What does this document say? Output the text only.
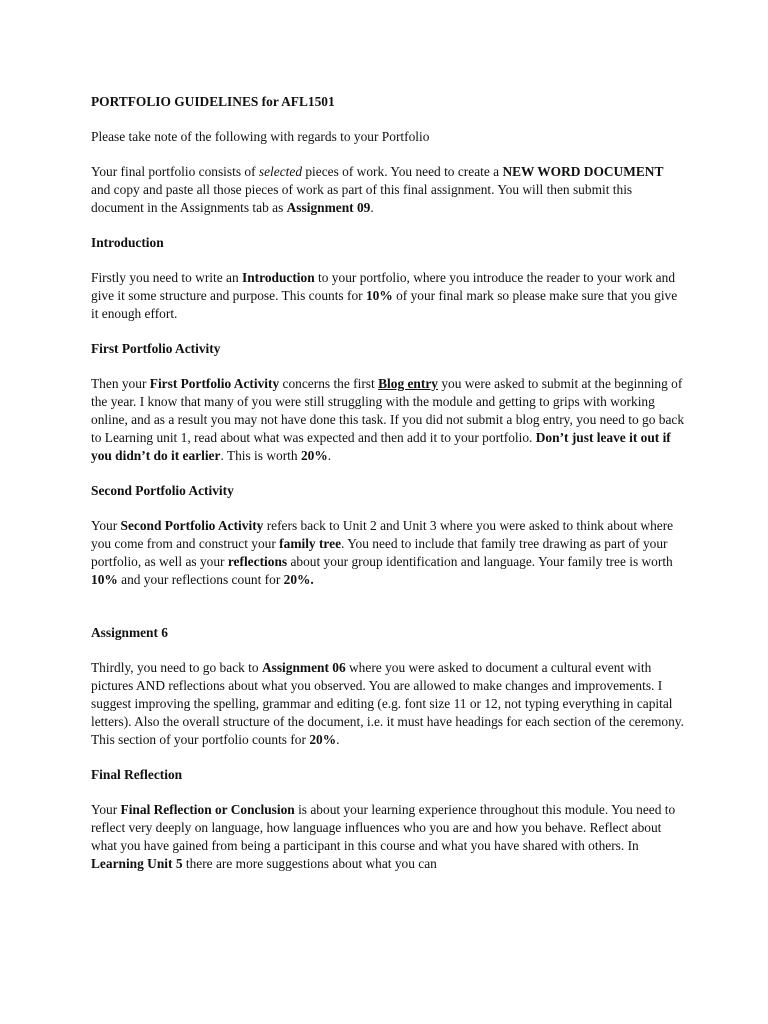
PORTFOLIO GUIDELINES for AFL1501

Please take note of the following with regards to your Portfolio

Your final portfolio consists of selected pieces of work. You need to create a NEW WORD DOCUMENT and copy and paste all those pieces of work as part of this final assignment. You will then submit this document in the Assignments tab as Assignment 09.

Introduction

Firstly you need to write an Introduction to your portfolio, where you introduce the reader to your work and give it some structure and purpose. This counts for 10% of your final mark so please make sure that you give it enough effort.

First Portfolio Activity

Then your First Portfolio Activity concerns the first Blog entry you were asked to submit at the beginning of the year. I know that many of you were still struggling with the module and getting to grips with working online, and as a result you may not have done this task. If you did not submit a blog entry, you need to go back to Learning unit 1, read about what was expected and then add it to your portfolio. Don’t just leave it out if you didn’t do it earlier. This is worth 20%.

Second Portfolio Activity

Your Second Portfolio Activity refers back to Unit 2 and Unit 3 where you were asked to think about where you come from and construct your family tree. You need to include that family tree drawing as part of your portfolio, as well as your reflections about your group identification and language. Your family tree is worth 10% and your reflections count for 20%.

Assignment 6

Thirdly, you need to go back to Assignment 06 where you were asked to document a cultural event with pictures AND reflections about what you observed. You are allowed to make changes and improvements. I suggest improving the spelling, grammar and editing (e.g. font size 11 or 12, not typing everything in capital letters). Also the overall structure of the document, i.e. it must have headings for each section of the ceremony. This section of your portfolio counts for 20%.

Final Reflection

Your Final Reflection or Conclusion is about your learning experience throughout this module. You need to reflect very deeply on language, how language influences who you are and how you behave. Reflect about what you have gained from being a participant in this course and what you have shared with others. In Learning Unit 5 there are more suggestions about what you can
